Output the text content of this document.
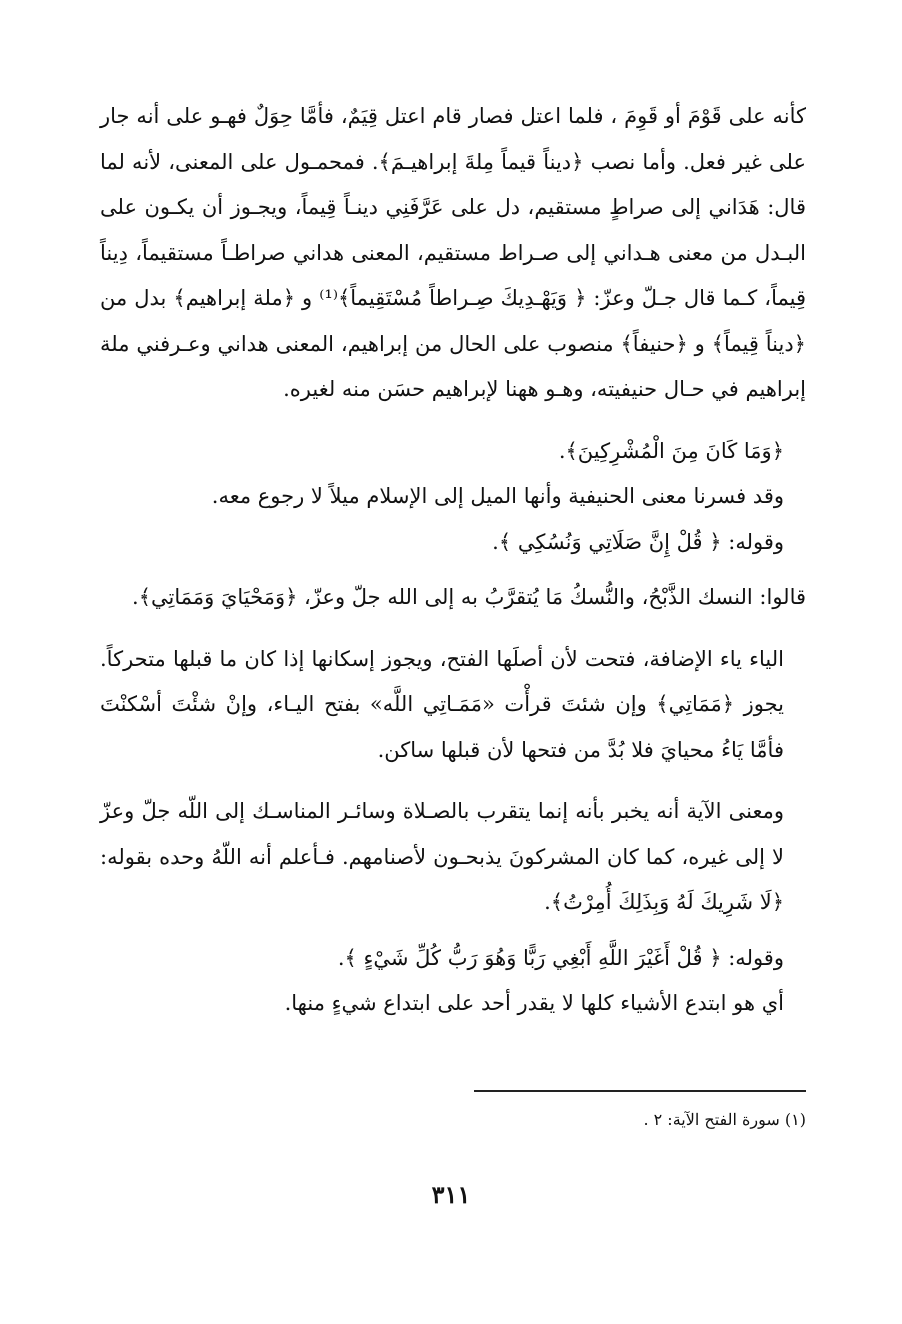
كأنه على قَوْمَ أو قَوِمَ ، فلما اعتل فصار قام اعتل قِيَمٌ، فأمَّا حِوَلٌ فهـو على أنه جار على غير فعل. وأما نصب ﴿ديناً قيماً مِلةَ إبراهيـمَ﴾. فمحمـول على المعنى، لأنه لما قال: هَدَاني إلى صراطٍ مستقيم، دل على عَرَّفَنِي دينـاً قِيماً، ويجـوز أن يكـون على البـدل من معنى هـداني إلى صـراط مستقيم، المعنى هداني صراطـاً مستقيماً، دِيناً قِيماً، كـما قال جـلّ وعزّ: ﴿ وَيَهْـدِيكَ صِـراطاً مُسْتَقِيماً﴾⁽¹⁾ و ﴿ملة إبراهيم﴾ بدل من ﴿ديناً قِيماً﴾ و ﴿حنيفاً﴾ منصوب على الحال من إبراهيم، المعنى هداني وعـرفني ملة إبراهيم في حـال حنيفيته، وهـو ههنا لإبراهيم حسَن منه لغيره.

﴿وَمَا كَانَ مِنَ الْمُشْرِكِينَ﴾.

وقد فسرنا معنى الحنيفية وأنها الميل إلى الإسلام ميلاً لا رجوع معه.

وقوله: ﴿ قُلْ إِنَّ صَلَاتِي وَنُسُكِي ﴾.

قالوا: النسك الذَّبْحُ، والنُّسكُ مَا يُتقرَّبُ به إلى الله جلّ وعزّ، ﴿وَمَحْيَايَ وَمَمَاتِي﴾.

الياء ياء الإضافة، فتحت لأن أصلَها الفتح، ويجوز إسكانها إذا كان ما قبلها متحركاً. يجوز ﴿مَمَاتِي﴾ وإن شئتَ قرأْت «مَمَـاتِي اللَّه» بفتح اليـاء، وإنْ شئْتَ أسْكنْتَ فأمَّا يَاءُ محيايَ فلا بُدَّ من فتحها لأن قبلها ساكن.

ومعنى الآية أنه يخبر بأنه إنما يتقرب بالصـلاة وسائـر المناسـك إلى اللّه جلّ وعزّ لا إلى غيره، كما كان المشركونَ يذبحـون لأصنامهم. فـأعلم أنه اللّهُ وحده بقوله: ﴿لَا شَرِيكَ لَهُ وَبِذَلِكَ أُمِرْتُ﴾.

وقوله: ﴿ قُلْ أَغَيْرَ اللَّهِ أَبْغِي رَبًّا وَهُوَ رَبُّ كُلِّ شَيْءٍ ﴾.

أي هو ابتدع الأشياء كلها لا يقدر أحد على ابتداع شيءٍ منها.

(١) سورة الفتح الآية: ٢ .
٣١١
